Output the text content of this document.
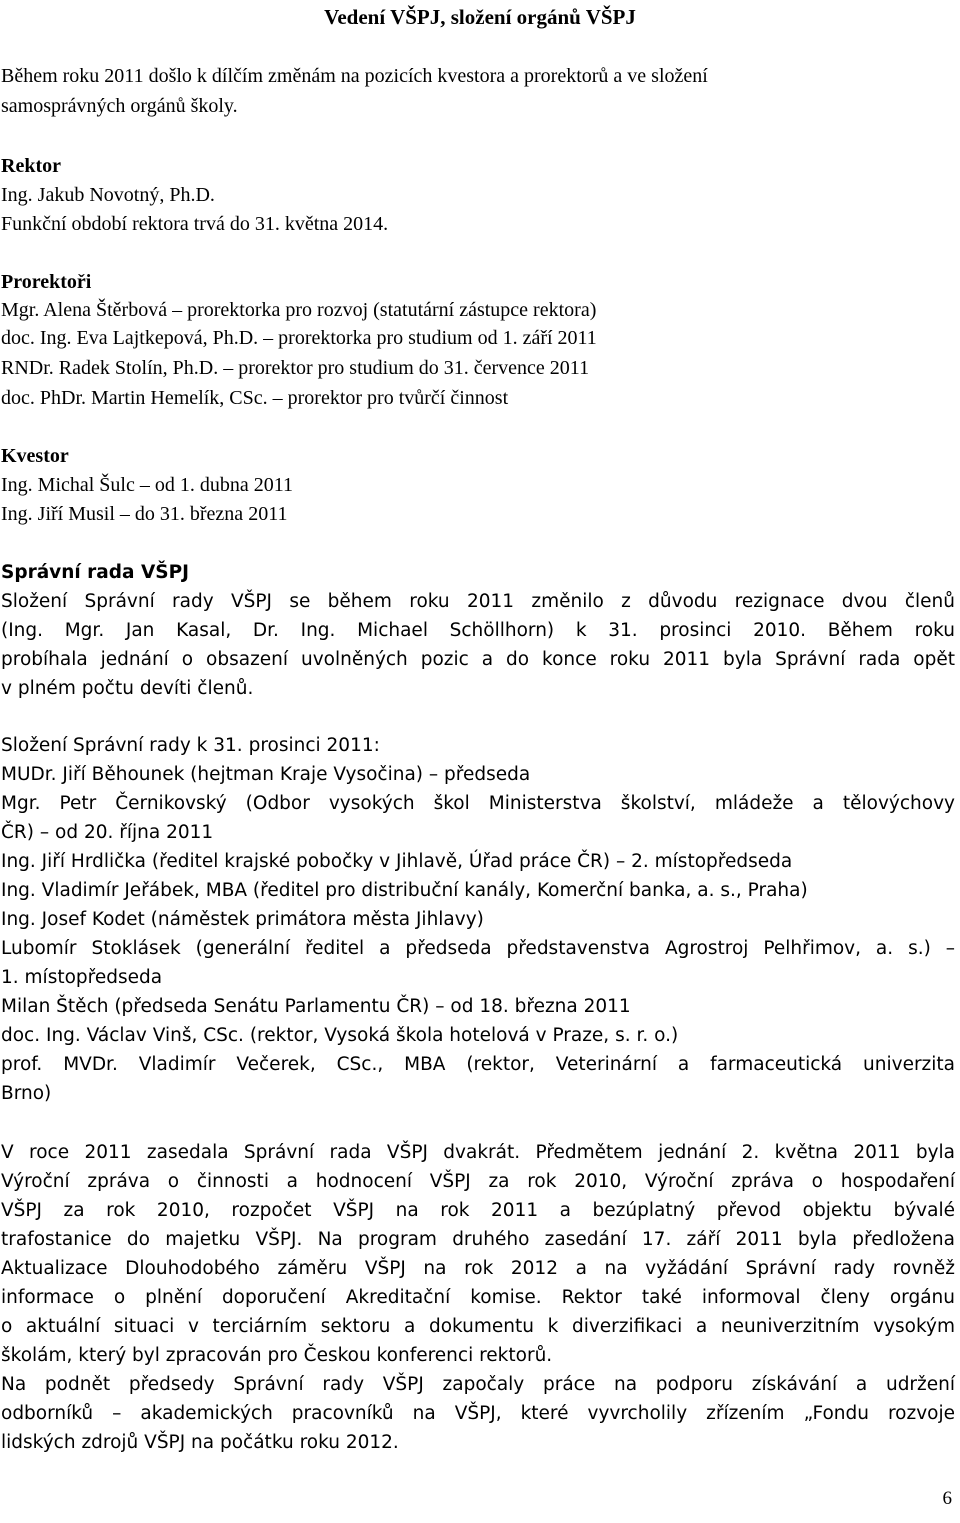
Vedení VŠPJ, složení orgánů VŠPJ
Během roku 2011 došlo k dílčím změnám na pozicích kvestora a prorektorů a ve složení
samosprávných orgánů školy.
Rektor
Ing. Jakub Novotný, Ph.D.
Funkční období rektora trvá do 31. května 2014.
Prorektoři
Mgr. Alena Štěrbová – prorektorka pro rozvoj (statutární zástupce rektora)
doc. Ing. Eva Lajtkepová, Ph.D. – prorektorka pro studium od 1. září 2011
RNDr. Radek Stolín, Ph.D. – prorektor pro studium do 31. července 2011
doc. PhDr. Martin Hemelík, CSc. – prorektor pro tvůrčí činnost
Kvestor
Ing. Michal Šulc – od 1. dubna 2011
Ing. Jiří Musil – do 31. března 2011
Správní rada VŠPJ
Složení Správní rady VŠPJ se během roku 2011 změnilo z důvodu rezignace dvou členů
(Ing. Mgr. Jan Kasal, Dr. Ing. Michael Schöllhorn) k 31. prosinci 2010. Během roku
probíhala jednání o obsazení uvolněných pozic a do konce roku 2011 byla Správní rada opět
v plném počtu devíti členů.
Složení Správní rady k 31. prosinci 2011:
MUDr. Jiří Běhounek (hejtman Kraje Vysočina) – předseda
Mgr. Petr Černikovský (Odbor vysokých škol Ministerstva školství, mládeže a tělovýchovy
ČR) – od 20. října 2011
Ing. Jiří Hrdlička (ředitel krajské pobočky v Jihlavě, Úřad práce ČR) – 2. místopředseda
Ing. Vladimír Jeřábek, MBA (ředitel pro distribuční kanály, Komerční banka, a. s., Praha)
Ing. Josef Kodet (náměstek primátora města Jihlavy)
Lubomír Stoklásek (generální ředitel a předseda představenstva Agrostroj Pelhřimov, a. s.) –
1. místopředseda
Milan Štěch (předseda Senátu Parlamentu ČR) – od 18. března 2011
doc. Ing. Václav Vinš, CSc. (rektor, Vysoká škola hotelová v Praze, s. r. o.)
prof. MVDr. Vladimír Večerek, CSc., MBA (rektor, Veterinární a farmaceutická univerzita
Brno)
V roce 2011 zasedala Správní rada VŠPJ dvakrát. Předmětem jednání 2. května 2011 byla
Výroční zpráva o činnosti a hodnocení VŠPJ za rok 2010, Výroční zpráva o hospodaření
VŠPJ za rok 2010, rozpočet VŠPJ na rok 2011 a bezúplatný převod objektu bývalé
trafostanice do majetku VŠPJ. Na program druhého zasedání 17. září 2011 byla předložena
Aktualizace Dlouhodobého záměru VŠPJ na rok 2012 a na vyžádání Správní rady rovněž
informace o plnění doporučení Akreditační komise. Rektor také informoval členy orgánu
o aktuální situaci v terciárním sektoru a dokumentu k diverzifikaci a neuniverzitním vysokým
školám, který byl zpracován pro Českou konferenci rektorů.
Na podnět předsedy Správní rady VŠPJ započaly práce na podporu získávání a udržení
odborníků – akademických pracovníků na VŠPJ, které vyvrcholily zřízením „Fondu rozvoje
lidských zdrojů VŠPJ na počátku roku 2012.
6
